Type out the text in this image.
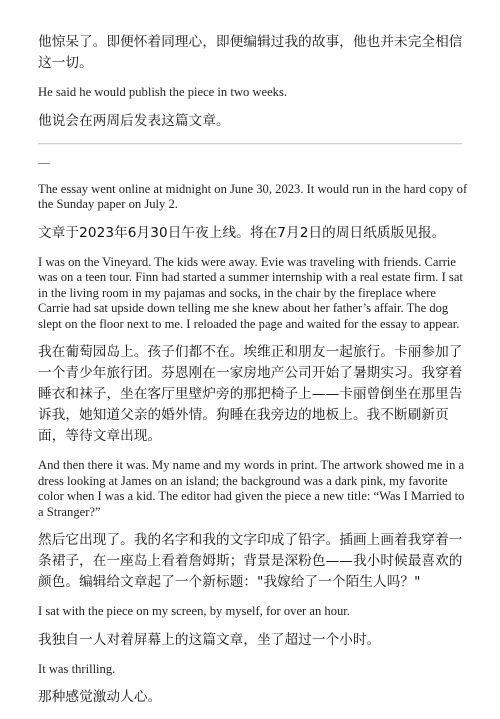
他惊呆了。即便怀着同理心，即便编辑过我的故事，他也并未完全相信这一切。

He said he would publish the piece in two weeks.

他说会在两周后发表这篇文章。

—

The essay went online at midnight on June 30, 2023. It would run in the hard copy of the Sunday paper on July 2.

文章于2023年6月30日午夜上线。将在7月2日的周日纸质版见报。

I was on the Vineyard. The kids were away. Evie was traveling with friends. Carrie was on a teen tour. Finn had started a summer internship with a real estate firm. I sat in the living room in my pajamas and socks, in the chair by the fireplace where Carrie had sat upside down telling me she knew about her father’s affair. The dog slept on the floor next to me. I reloaded the page and waited for the essay to appear.

我在葡萄园岛上。孩子们都不在。埃维正和朋友一起旅行。卡丽参加了一个青少年旅行团。芬恩刚在一家房地产公司开始了暑期实习。我穿着睡衣和袜子，坐在客厅里壁炉旁的那把椅子上——卡丽曾倒坐在那里告诉我，她知道父亲的婚外情。狗睡在我旁边的地板上。我不断刷新页面，等待文章出现。

And then there it was. My name and my words in print. The artwork showed me in a dress looking at James on an island; the background was a dark pink, my favorite color when I was a kid. The editor had given the piece a new title: “Was I Married to a Stranger?”

然后它出现了。我的名字和我的文字印成了铅字。插画上画着我穿着一条裙子，在一座岛上看着詹姆斯；背景是深粉色——我小时候最喜欢的颜色。编辑给文章起了一个新标题："我嫁给了一个陌生人吗？"

I sat with the piece on my screen, by myself, for over an hour.

我独自一人对着屏幕上的这篇文章，坐了超过一个小时。

It was thrilling.

那种感觉激动人心。
